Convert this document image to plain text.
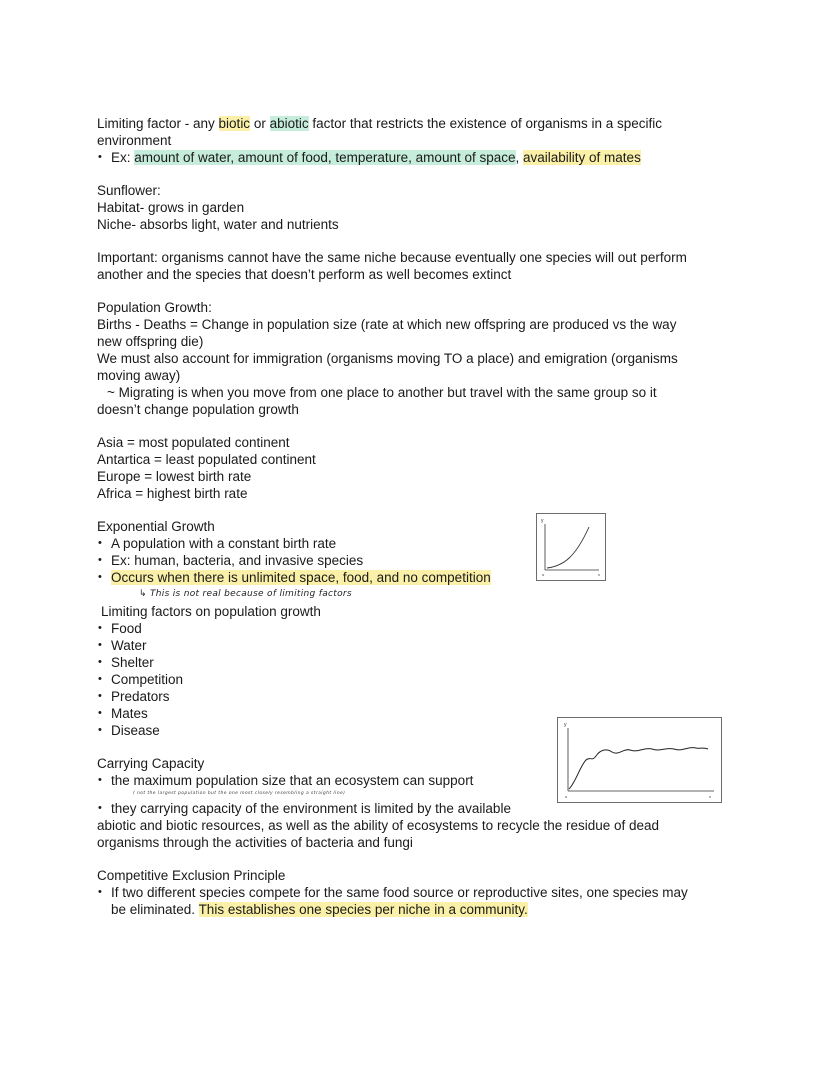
Limiting factor - any biotic or abiotic factor that restricts the existence of organisms in a specific

environment

• Ex: amount of water, amount of food, temperature, amount of space, availability of mates

Sunflower:

Habitat- grows in garden

Niche- absorbs light, water and nutrients

Important: organisms cannot have the same niche because eventually one species will out perform

another and the species that doesn’t perform as well becomes extinct

Population Growth:

Births - Deaths = Change in population size (rate at which new offspring are produced vs the way

new offspring die)

We must also account for immigration (organisms moving TO a place) and emigration (organisms

moving away)

~ Migrating is when you move from one place to another but travel with the same group so it

doesn’t change population growth

Asia = most populated continent

Antartica = least populated continent

Europe = lowest birth rate

Africa = highest birth rate

Exponential Growth

• A population with a constant birth rate

• Ex: human, bacteria, and invasive species

• Occurs when there is unlimited space, food, and no competition

↳ This is not real because of limiting factors

Limiting factors on population growth

• Food

• Water

• Shelter

• Competition

• Predators

• Mates

• Disease

Carrying Capacity

• the maximum population size that an ecosystem can support

( not the largest population but the one most closely resembling a straight line)

• they carrying capacity of the environment is limited by the available

abiotic and biotic resources, as well as the ability of ecosystems to recycle the residue of dead

organisms through the activities of bacteria and fungi

Competitive Exclusion Principle

• If two different species compete for the same food source or reproductive sites, one species may

be eliminated. This establishes one species per niche in a community.

y
o	x
y
o	x
